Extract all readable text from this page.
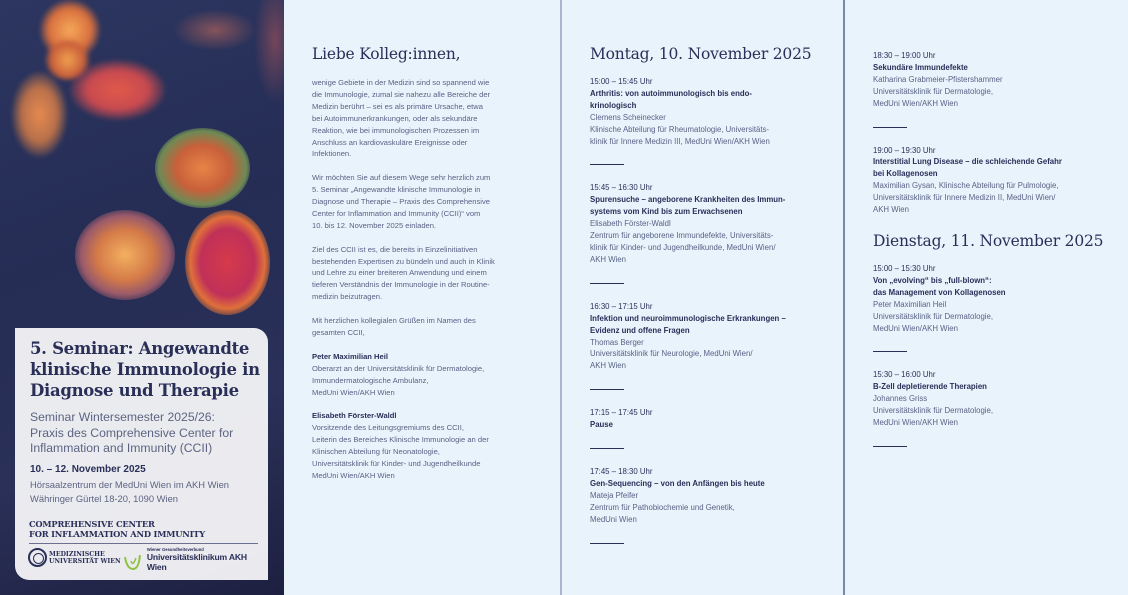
5. Seminar: Angewandte
klinische Immunologie in
Diagnose und Therapie
Seminar Wintersemester 2025/26:
Praxis des Comprehensive Center for
Inflammation and Immunity (CCII)
10. – 12. November 2025
Hörsaalzentrum der MedUni Wien im AKH Wien
Währinger Gürtel 18-20, 1090 Wien
COMPREHENSIVE CENTER
FOR INFLAMMATION AND IMMUNITY
MEDIZINISCHE
UNIVERSITÄT WIEN
Wiener Gesundheitsverbund
Universitätsklinikum AKH Wien
Liebe Kolleg:innen,
wenige Gebiete in der Medizin sind so spannend wie
die Immunologie, zumal sie nahezu alle Bereiche der
Medizin berührt – sei es als primäre Ursache, etwa
bei Autoimmunerkrankungen, oder als sekundäre
Reaktion, wie bei immunologischen Prozessen im
Anschluss an kardiovaskuläre Ereignisse oder
Infektionen.
Wir möchten Sie auf diesem Wege sehr herzlich zum
5. Seminar „Angewandte klinische Immunologie in
Diagnose und Therapie – Praxis des Comprehensive
Center for Inflammation and Immunity (CCII)“ vom
10. bis 12. November 2025 einladen.
Ziel des CCII ist es, die bereits in Einzelinitiativen
bestehenden Expertisen zu bündeln und auch in Klinik
und Lehre zu einer breiteren Anwendung und einem
tieferen Verständnis der Immunologie in der Routine-
medizin beizutragen.
Mit herzlichen kollegialen Grüßen im Namen des
gesamten CCII,
Peter Maximilian Heil
Oberarzt an der Universitätsklinik für Dermatologie,
Immundermatologische Ambulanz,
MedUni Wien/AKH Wien
Elisabeth Förster-Waldl
Vorsitzende des Leitungsgremiums des CCII,
Leiterin des Bereiches Klinische Immunologie an der
Klinischen Abteilung für Neonatologie,
Universitätsklinik für Kinder- und Jugendheilkunde
MedUni Wien/AKH Wien
Montag, 10. November 2025
15:00 – 15:45 Uhr
Arthritis: von autoimmunologisch bis endo-
krinologisch
Clemens Scheinecker
Klinische Abteilung für Rheumatologie, Universitäts-
klinik für Innere Medizin III, MedUni Wien/AKH Wien
15:45 – 16:30 Uhr
Spurensuche – angeborene Krankheiten des Immun-
systems vom Kind bis zum Erwachsenen
Elisabeth Förster-Waldl
Zentrum für angeborene Immundefekte, Universitäts-
klinik für Kinder- und Jugendheilkunde, MedUni Wien/
AKH Wien
16:30 – 17:15 Uhr
Infektion und neuroimmunologische Erkrankungen –
Evidenz und offene Fragen
Thomas Berger
Universitätsklinik für Neurologie, MedUni Wien/
AKH Wien
17:15 – 17:45 Uhr
Pause
17:45 – 18:30 Uhr
Gen-Sequencing – von den Anfängen bis heute
Mateja Pfeifer
Zentrum für Pathobiochemie und Genetik,
MedUni Wien
18:30 – 19:00 Uhr
Sekundäre Immundefekte
Katharina Grabmeier-Pfistershammer
Universitätsklinik für Dermatologie,
MedUni Wien/AKH Wien
19:00 – 19:30 Uhr
Interstitial Lung Disease – die schleichende Gefahr
bei Kollagenosen
Maximilian Gysan, Klinische Abteilung für Pulmologie,
Universitätsklinik für Innere Medizin II, MedUni Wien/
AKH Wien
Dienstag, 11. November 2025
15:00 – 15:30 Uhr
Von „evolving“ bis „full-blown“:
das Management von Kollagenosen
Peter Maximilian Heil
Universitätsklinik für Dermatologie,
MedUni Wien/AKH Wien
15:30 – 16:00 Uhr
B-Zell depletierende Therapien
Johannes Griss
Universitätsklinik für Dermatologie,
MedUni Wien/AKH Wien
